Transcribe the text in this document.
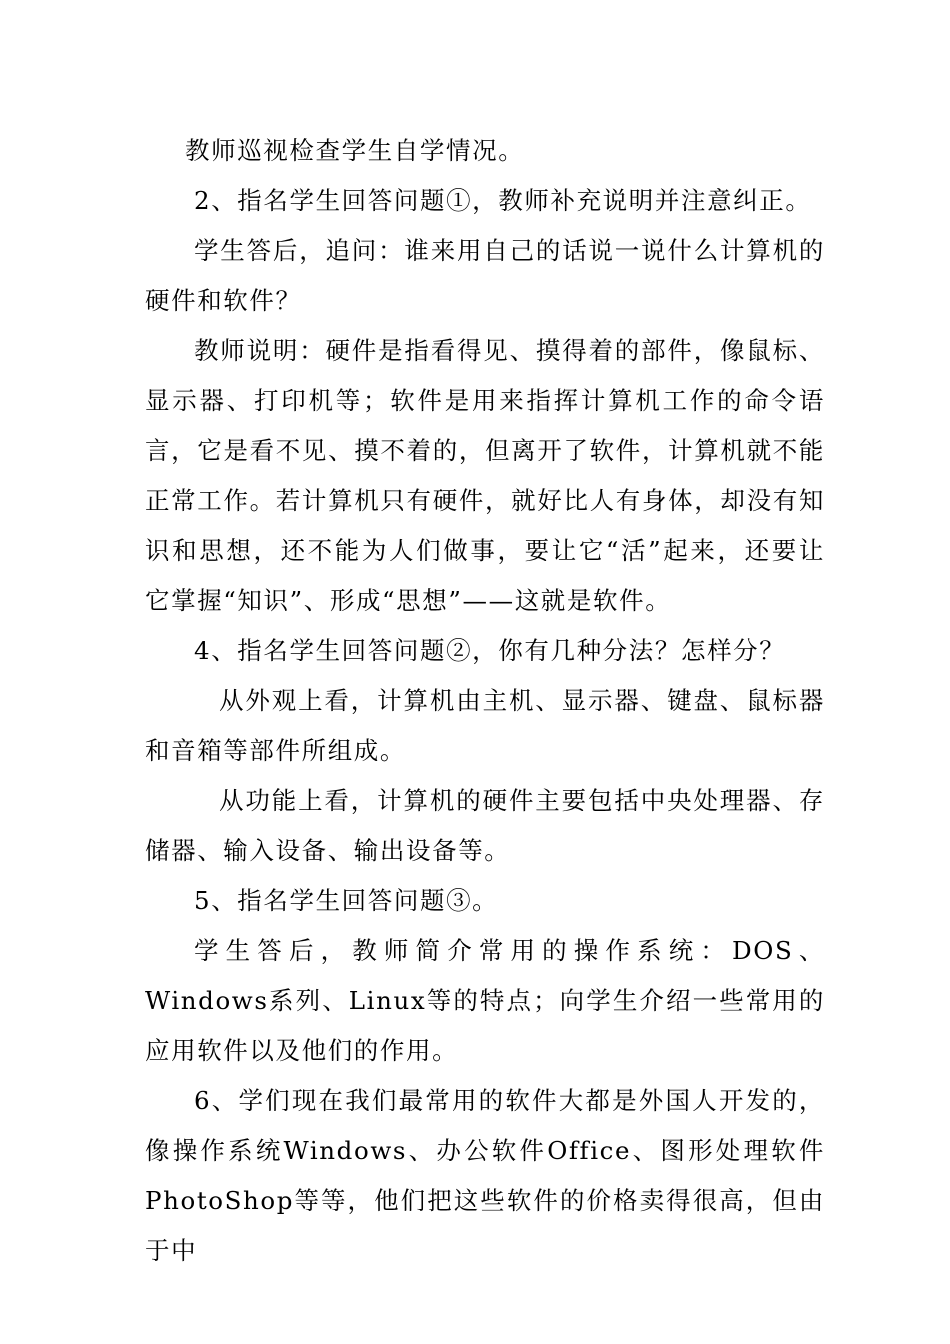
教师巡视检查学生自学情况。

2、指名学生回答问题①，教师补充说明并注意纠正。

学生答后，追问：谁来用自己的话说一说什么计算机的硬件和软件？

教师说明：硬件是指看得见、摸得着的部件，像鼠标、显示器、打印机等；软件是用来指挥计算机工作的命令语言，它是看不见、摸不着的，但离开了软件，计算机就不能正常工作。若计算机只有硬件，就好比人有身体，却没有知识和思想，还不能为人们做事，要让它“活”起来，还要让它掌握“知识”、形成“思想”——这就是软件。

4、指名学生回答问题②，你有几种分法？怎样分？

从外观上看，计算机由主机、显示器、键盘、鼠标器和音箱等部件所组成。

从功能上看，计算机的硬件主要包括中央处理器、存储器、输入设备、输出设备等。

5、指名学生回答问题③。

学生答后，教师简介常用的操作系统：DOS、Windows系列、Linux等的特点；向学生介绍一些常用的应用软件以及他们的作用。

6、学们现在我们最常用的软件大都是外国人开发的，像操作系统Windows、办公软件Office、图形处理软件PhotoShop等等，他们把这些软件的价格卖得很高，但由于中
